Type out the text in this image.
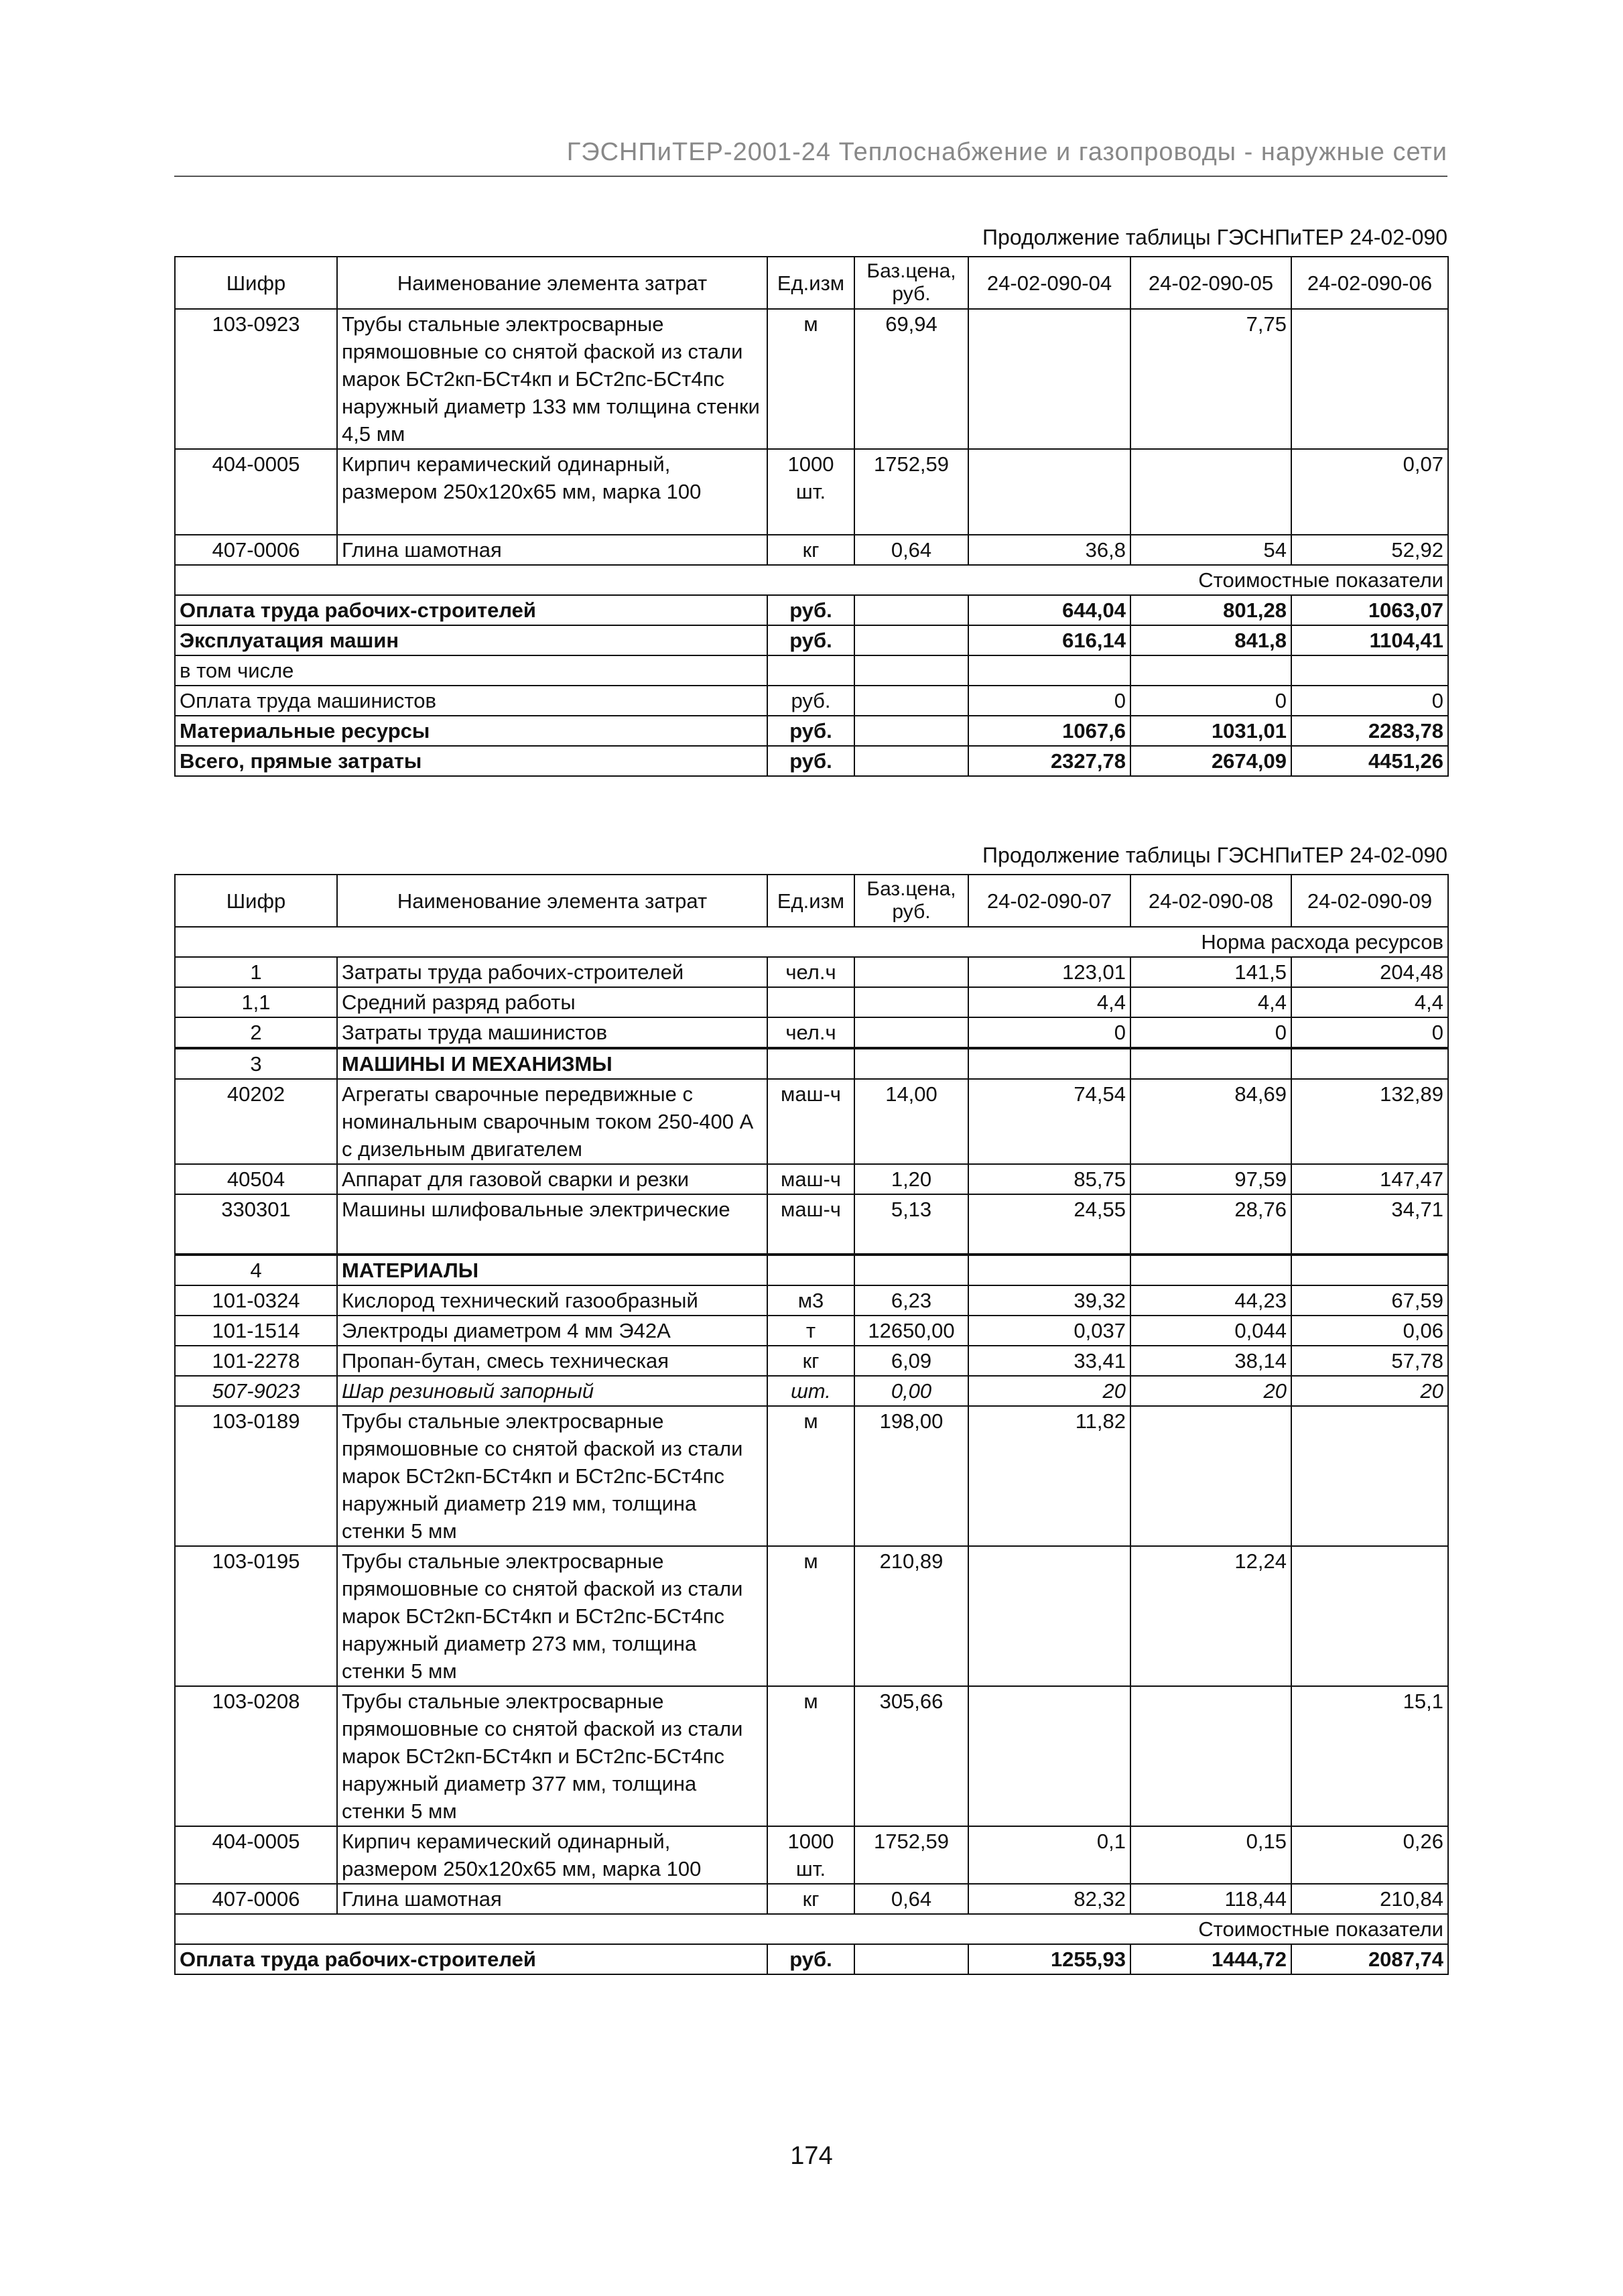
ГЭСНПиТЕР-2001-24 Теплоснабжение и газопроводы - наружные сети
Продолжение таблицы ГЭСНПиТЕР 24-02-090
Шифр	Наименование элемента затрат	Ед.изм	Баз.цена, руб.	24-02-090-04	24-02-090-05	24-02-090-06
103-0923	Трубы стальные электросварные прямошовные со снятой фаской из стали марок БСт2кп-БСт4кп и БСт2пс-БСт4пс наружный диаметр 133 мм толщина стенки 4,5 мм	м	69,94		7,75	
404-0005	Кирпич керамический одинарный, размером 250х120х65 мм, марка 100	1000 шт.	1752,59			0,07
407-0006	Глина шамотная	кг	0,64	36,8	54	52,92
Стоимостные показатели						
Оплата труда рабочих-строителей		руб.		644,04	801,28	1063,07
Эксплуатация машин		руб.		616,14	841,8	1104,41
в том числе						
Оплата труда машинистов		руб.		0	0	0
Материальные ресурсы		руб.		1067,6	1031,01	2283,78
Всего, прямые затраты		руб.		2327,78	2674,09	4451,26
Продолжение таблицы ГЭСНПиТЕР 24-02-090
Шифр	Наименование элемента затрат	Ед.изм	Баз.цена, руб.	24-02-090-07	24-02-090-08	24-02-090-09
Норма расхода ресурсов						
1	Затраты труда рабочих-строителей	чел.ч		123,01	141,5	204,48
1,1	Средний разряд работы			4,4	4,4	4,4
2	Затраты труда машинистов	чел.ч		0	0	0
3	МАШИНЫ И МЕХАНИЗМЫ					
40202	Агрегаты сварочные передвижные с номинальным сварочным током 250-400 А с дизельным двигателем	маш-ч	14,00	74,54	84,69	132,89
40504	Аппарат для газовой сварки и резки	маш-ч	1,20	85,75	97,59	147,47
330301	Машины шлифовальные электрические	маш-ч	5,13	24,55	28,76	34,71
4	МАТЕРИАЛЫ					
101-0324	Кислород технический газообразный	м3	6,23	39,32	44,23	67,59
101-1514	Электроды диаметром 4 мм Э42А	т	12650,00	0,037	0,044	0,06
101-2278	Пропан-бутан, смесь техническая	кг	6,09	33,41	38,14	57,78
507-9023	Шар резиновый запорный	шт.	0,00	20	20	20
103-0189	Трубы стальные электросварные прямошовные со снятой фаской из стали марок БСт2кп-БСт4кп и БСт2пс-БСт4пс наружный диаметр 219 мм, толщина стенки 5 мм	м	198,00	11,82		
103-0195	Трубы стальные электросварные прямошовные со снятой фаской из стали марок БСт2кп-БСт4кп и БСт2пс-БСт4пс наружный диаметр 273 мм, толщина стенки 5 мм	м	210,89		12,24	
103-0208	Трубы стальные электросварные прямошовные со снятой фаской из стали марок БСт2кп-БСт4кп и БСт2пс-БСт4пс наружный диаметр 377 мм, толщина стенки 5 мм	м	305,66			15,1
404-0005	Кирпич керамический одинарный, размером 250х120х65 мм, марка 100	1000 шт.	1752,59	0,1	0,15	0,26
407-0006	Глина шамотная	кг	0,64	82,32	118,44	210,84
Стоимостные показатели						
Оплата труда рабочих-строителей		руб.		1255,93	1444,72	2087,74
174
